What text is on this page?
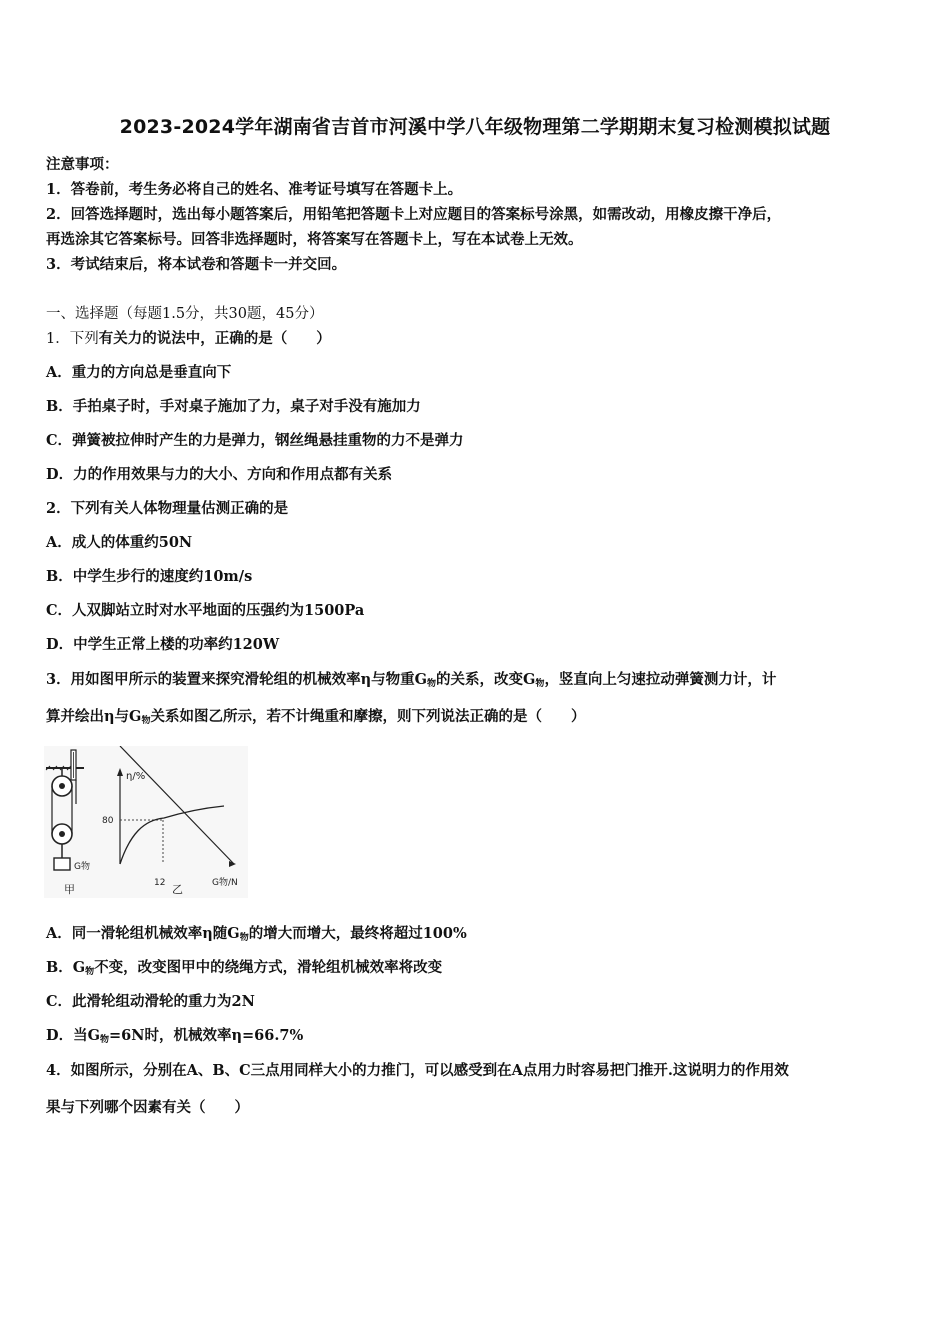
2023-2024学年湖南省吉首市河溪中学八年级物理第二学期期末复习检测模拟试题
注意事项：
1．答卷前，考生务必将自己的姓名、准考证号填写在答题卡上。
2．回答选择题时，选出每小题答案后，用铅笔把答题卡上对应题目的答案标号涂黑，如需改动，用橡皮擦干净后，
再选涂其它答案标号。回答非选择题时，将答案写在答题卡上，写在本试卷上无效。
3．考试结束后，将本试卷和答题卡一并交回。
一、选择题（每题1.5分，共30题，45分）
1．下列有关力的说法中，正确的是（　　）
A．重力的方向总是垂直向下
B．手拍桌子时，手对桌子施加了力，桌子对手没有施加力
C．弹簧被拉伸时产生的力是弹力，钢丝绳悬挂重物的力不是弹力
D．力的作用效果与力的大小、方向和作用点都有关系
2．下列有关人体物理量估测正确的是
A．成人的体重约50N
B．中学生步行的速度约10m/s
C．人双脚站立时对水平地面的压强约为1500Pa
D．中学生正常上楼的功率约120W
3．用如图甲所示的装置来探究滑轮组的机械效率η与物重$G_物$的关系，改变$G_物$，竖直向上匀速拉动弹簧测力计，计
算并绘出η与$G_物$关系如图乙所示，若不计绳重和摩擦，则下列说法正确的是（　　）
G物
甲
η/%
G物/N
80
12 乙
A．同一滑轮组机械效率η随$G_物$的增大而增大，最终将超过100%
B．$G_物$不变，改变图甲中的绕绳方式，滑轮组机械效率将改变
C．此滑轮组动滑轮的重力为2N
D．当$G_物=6N$时，机械效率η=66.7%
4．如图所示，分别在A、B、C三点用同样大小的力推门，可以感受到在A点用力时容易把门推开.这说明力的作用效
果与下列哪个因素有关（　　）
